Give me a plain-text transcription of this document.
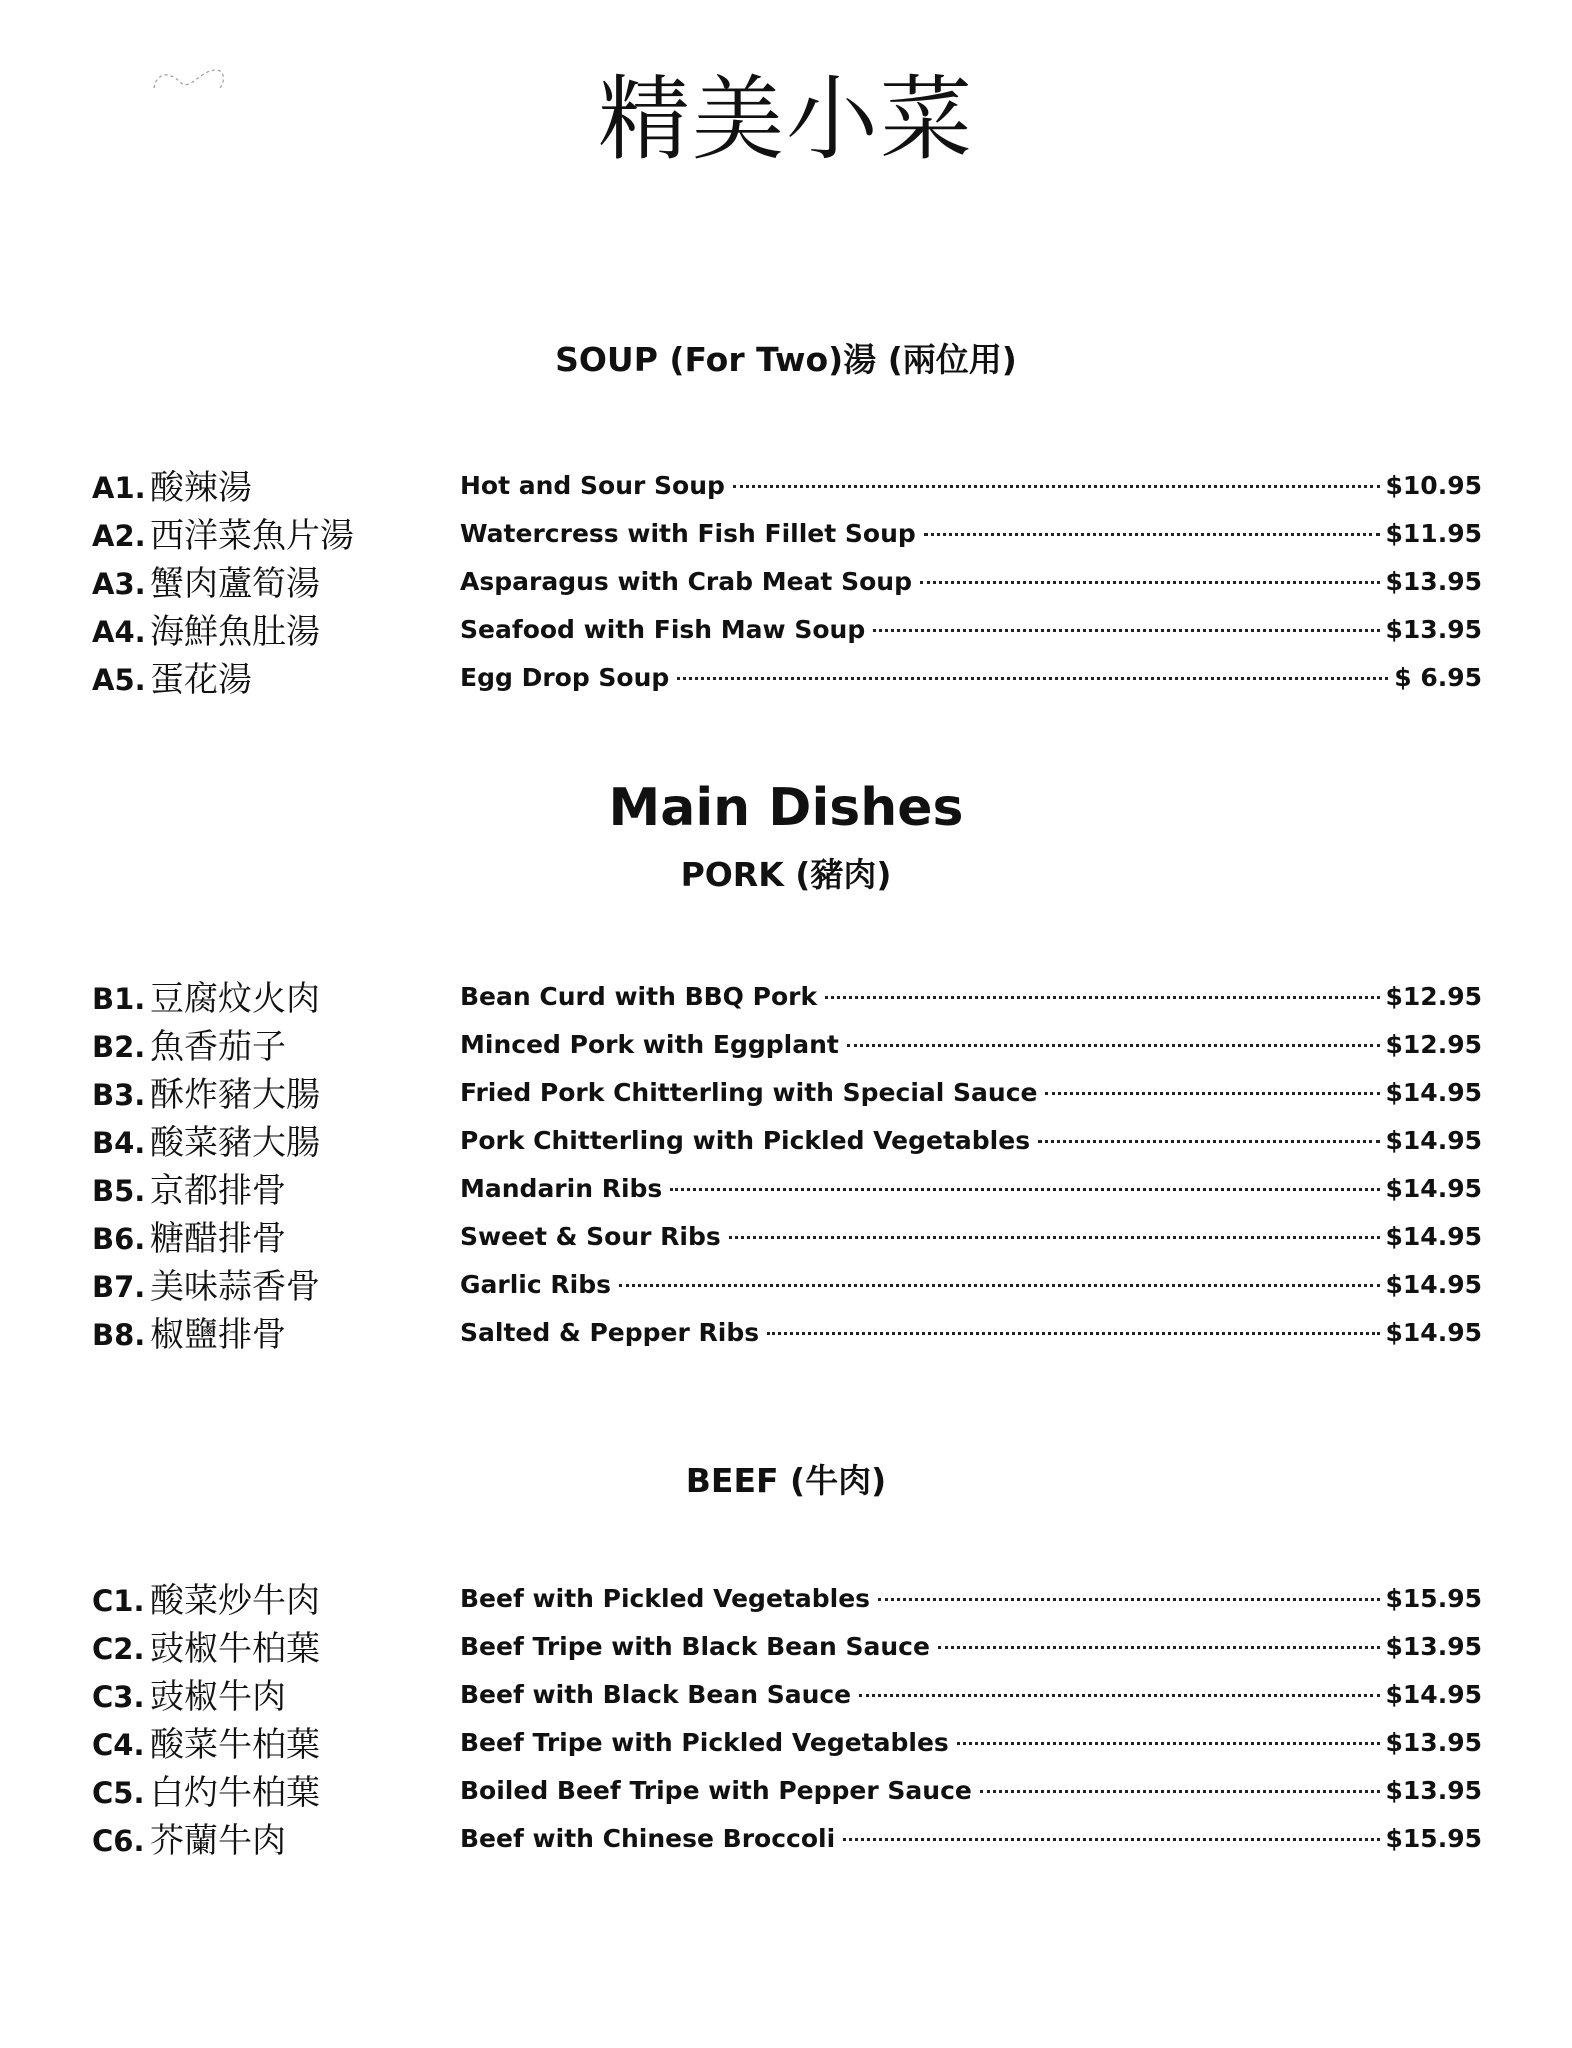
精美小菜
SOUP (For Two)湯 (兩位用)
A1. 酸辣湯	Hot and Sour Soup	$10.95
A2. 西洋菜魚片湯	Watercress with Fish Fillet Soup	$11.95
A3. 蟹肉蘆筍湯	Asparagus with Crab Meat Soup	$13.95
A4. 海鮮魚肚湯	Seafood with Fish Maw Soup	$13.95
A5. 蛋花湯	Egg Drop Soup	$ 6.95
Main Dishes
PORK (豬肉)
B1. 豆腐炆火肉	Bean Curd with BBQ Pork	$12.95
B2. 魚香茄子	Minced Pork with Eggplant	$12.95
B3. 酥炸豬大腸	Fried Pork Chitterling with Special Sauce	$14.95
B4. 酸菜豬大腸	Pork Chitterling with Pickled Vegetables	$14.95
B5. 京都排骨	Mandarin Ribs	$14.95
B6. 糖醋排骨	Sweet & Sour Ribs	$14.95
B7. 美味蒜香骨	Garlic Ribs	$14.95
B8. 椒鹽排骨	Salted & Pepper Ribs	$14.95
BEEF (牛肉)
C1. 酸菜炒牛肉	Beef with Pickled Vegetables	$15.95
C2. 豉椒牛柏葉	Beef Tripe with Black Bean Sauce	$13.95
C3. 豉椒牛肉	Beef with Black Bean Sauce	$14.95
C4. 酸菜牛柏葉	Beef Tripe with Pickled Vegetables	$13.95
C5. 白灼牛柏葉	Boiled Beef Tripe with Pepper Sauce	$13.95
C6. 芥蘭牛肉	Beef with Chinese Broccoli	$15.95
